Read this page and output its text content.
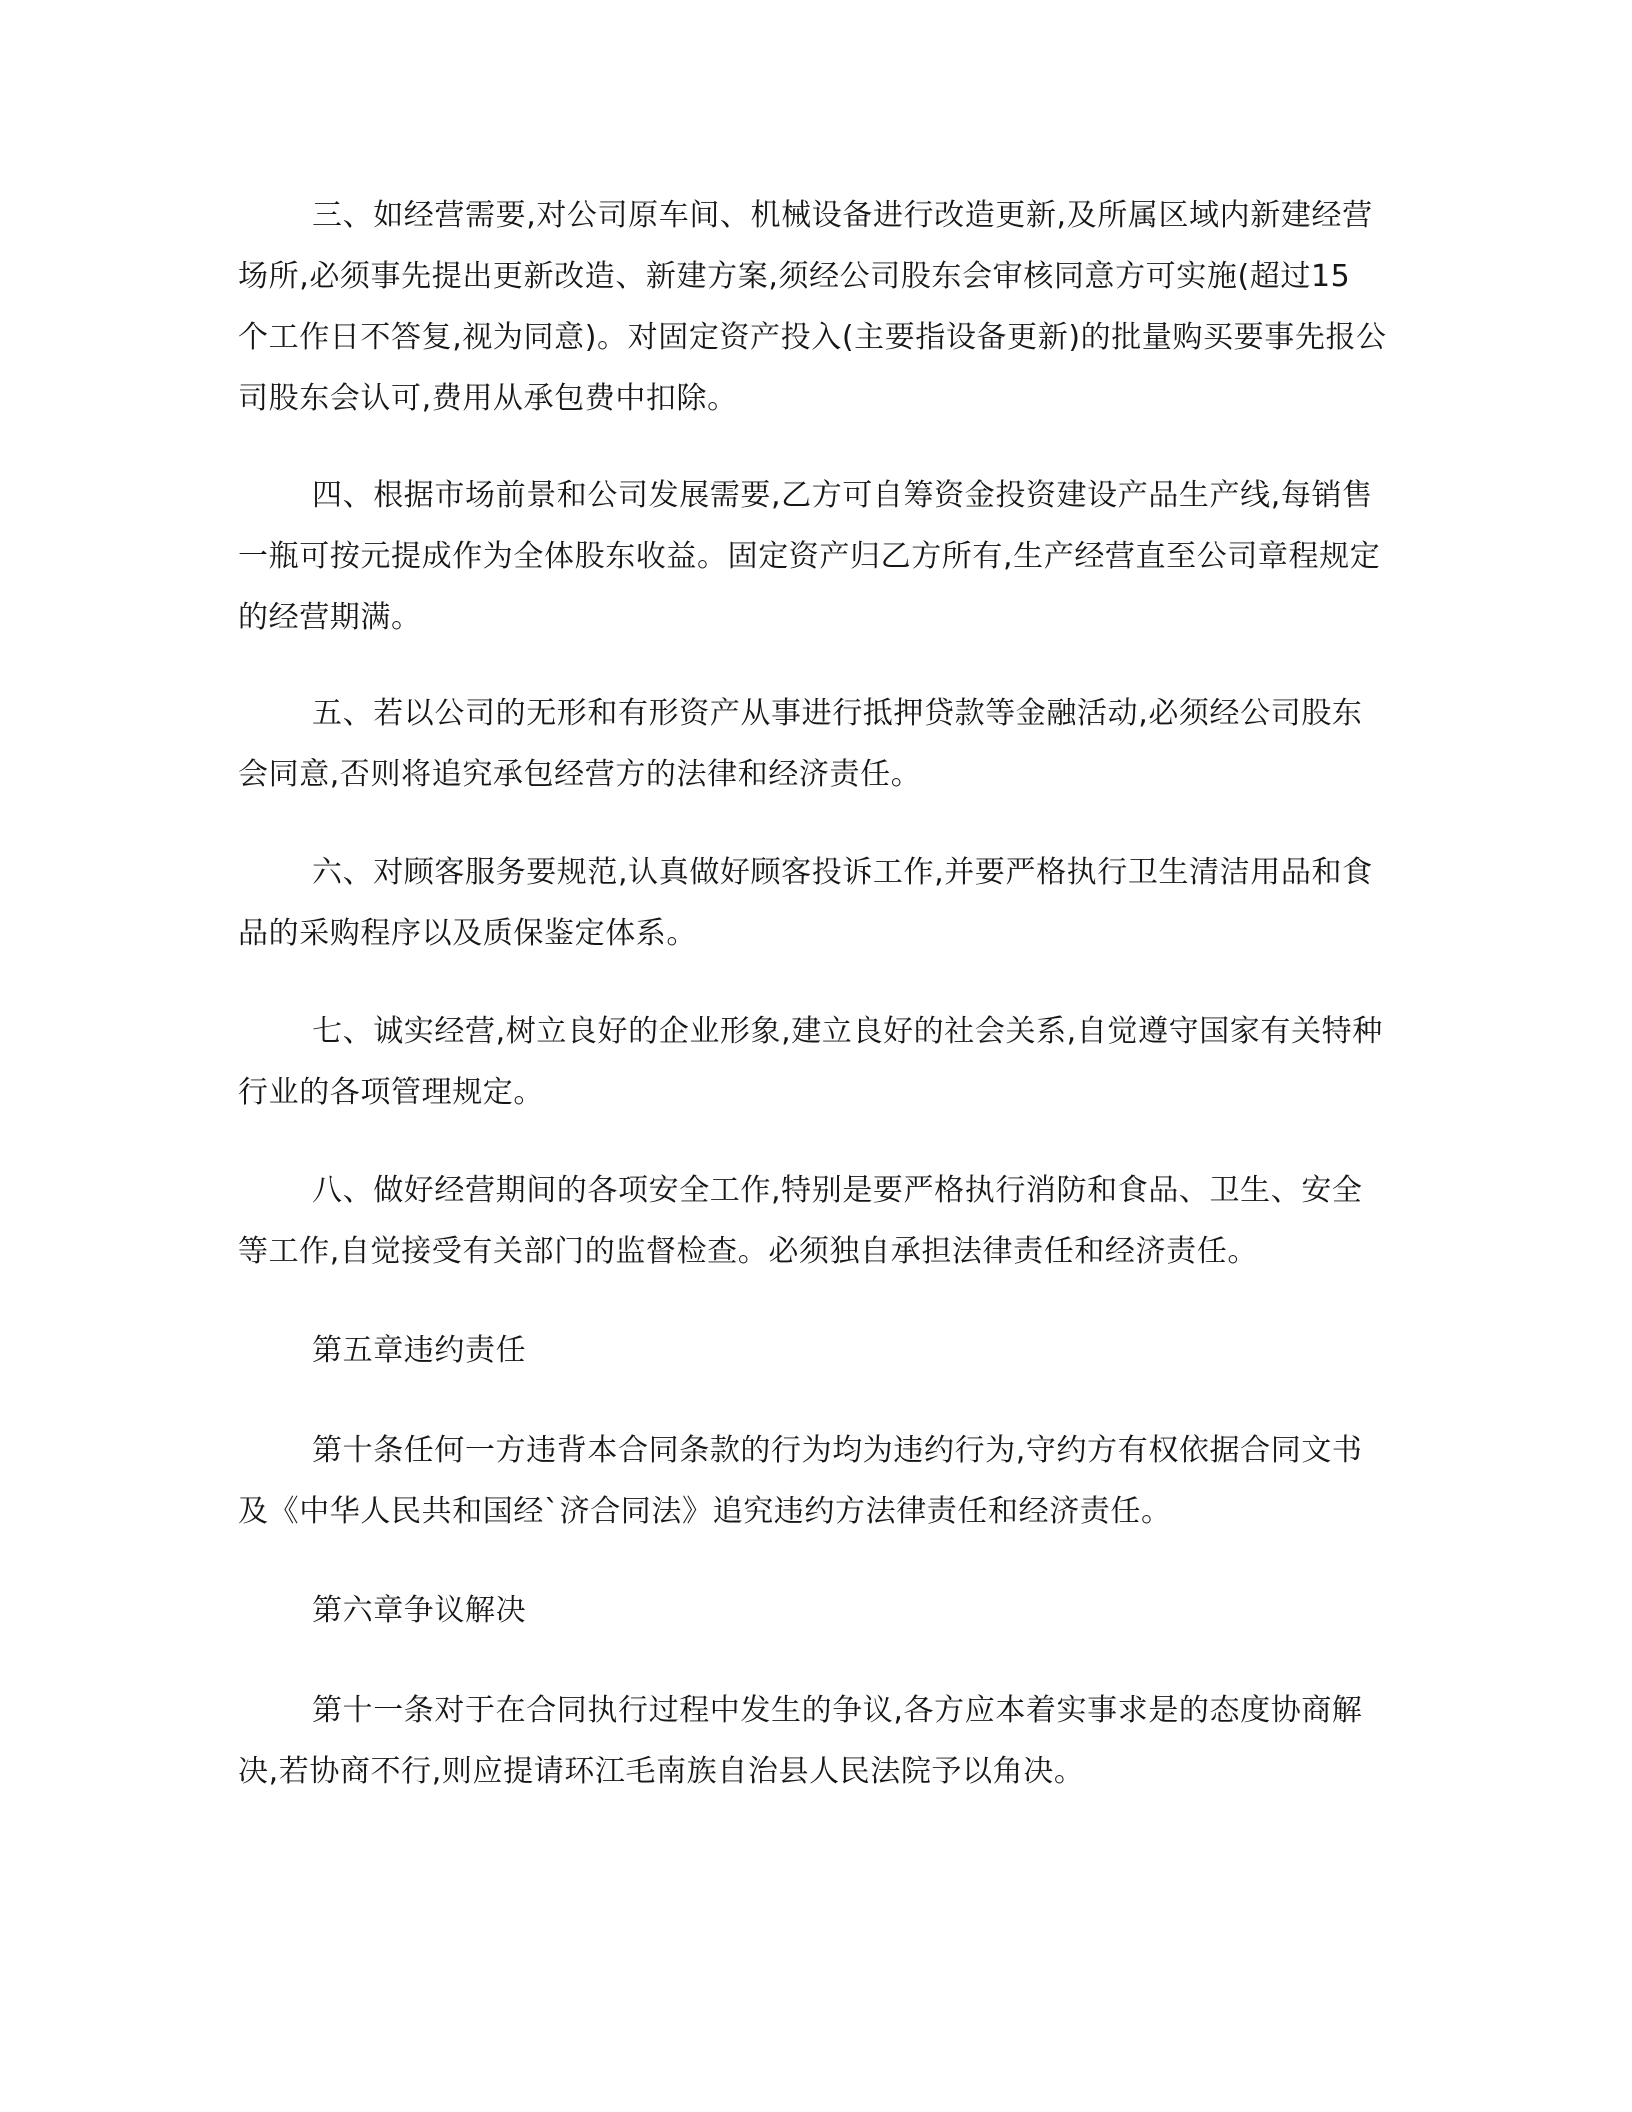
三、如经营需要,对公司原车间、机械设备进行改造更新,及所属区域内新建经营场所,必须事先提出更新改造、新建方案,须经公司股东会审核同意方可实施(超过15 个工作日不答复,视为同意)。对固定资产投入(主要指设备更新)的批量购买要事先报公司股东会认可,费用从承包费中扣除。

四、根据市场前景和公司发展需要,乙方可自筹资金投资建设产品生产线,每销售一瓶可按元提成作为全体股东收益。固定资产归乙方所有,生产经营直至公司章程规定的经营期满。

五、若以公司的无形和有形资产从事进行抵押贷款等金融活动,必须经公司股东会同意,否则将追究承包经营方的法律和经济责任。

六、对顾客服务要规范,认真做好顾客投诉工作,并要严格执行卫生清洁用品和食品的采购程序以及质保鉴定体系。

七、诚实经营,树立良好的企业形象,建立良好的社会关系,自觉遵守国家有关特种行业的各项管理规定。

八、做好经营期间的各项安全工作,特别是要严格执行消防和食品、卫生、安全等工作,自觉接受有关部门的监督检查。必须独自承担法律责任和经济责任。

第五章违约责任

第十条任何一方违背本合同条款的行为均为违约行为,守约方有权依据合同文书及《中华人民共和国经`济合同法》追究违约方法律责任和经济责任。

第六章争议解决

第十一条对于在合同执行过程中发生的争议,各方应本着实事求是的态度协商解决,若协商不行,则应提请环江毛南族自治县人民法院予以角决。
